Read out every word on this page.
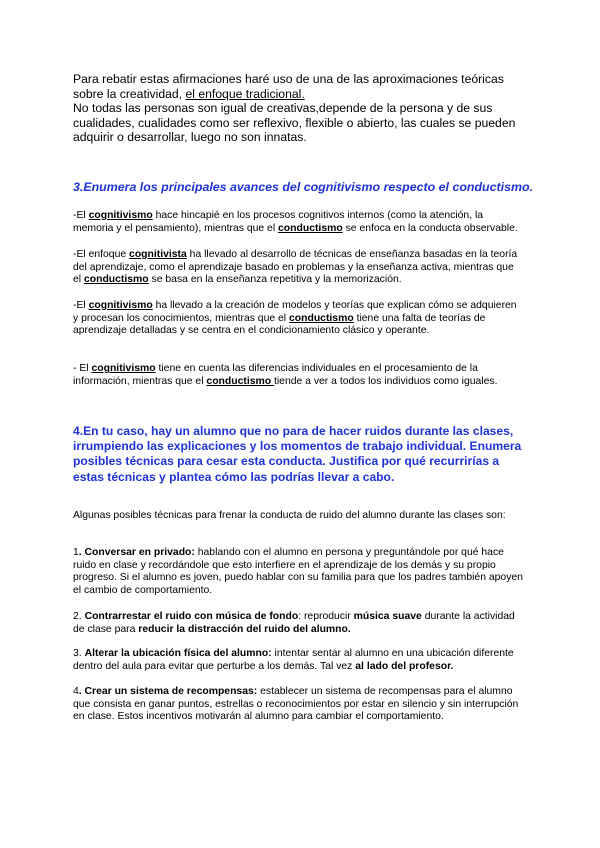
Para rebatir estas afirmaciones haré uso de una de las aproximaciones teóricas sobre la creatividad, el enfoque tradicional.

No todas las personas son igual de creativas,depende de la persona y de sus cualidades, cualidades como ser reflexivo, flexible o abierto, las cuales se pueden adquirir o desarrollar, luego no son innatas.

3.Enumera los principales avances del cognitivismo respecto el conductismo.

-El cognitivismo hace hincapié en los procesos cognitivos internos (como la atención, la memoria y el pensamiento), mientras que el conductismo se enfoca en la conducta observable.

-El enfoque cognitivista ha llevado al desarrollo de técnicas de enseñanza basadas en la teoría del aprendizaje, como el aprendizaje basado en problemas y la enseñanza activa, mientras que el conductismo se basa en la enseñanza repetitiva y la memorización.

-El cognitivismo ha llevado a la creación de modelos y teorías que explican cómo se adquieren y procesan los conocimientos, mientras que el conductismo tiene una falta de teorías de aprendizaje detalladas y se centra en el condicionamiento clásico y operante.

- El cognitivismo tiene en cuenta las diferencias individuales en el procesamiento de la información, mientras que el conductismo tiende a ver a todos los individuos como iguales.

4.En tu caso, hay un alumno que no para de hacer ruidos durante las clases, irrumpiendo las explicaciones y los momentos de trabajo individual. Enumera posibles técnicas para cesar esta conducta. Justifica por qué recurrirías a estas técnicas y plantea cómo las podrías llevar a cabo.

Algunas posibles técnicas para frenar la conducta de ruido del alumno durante las clases son:

1. Conversar en privado: hablando con el alumno en persona y preguntándole por qué hace ruido en clase y recordándole que esto interfiere en el aprendizaje de los demás y su propio progreso. Si el alumno es joven, puedo hablar con su familia para que los padres también apoyen el cambio de comportamiento.

2. Contrarrestar el ruido con música de fondo: reproducir música suave durante la actividad de clase para reducir la distracción del ruido del alumno.

3. Alterar la ubicación física del alumno: intentar sentar al alumno en una ubicación diferente dentro del aula para evitar que perturbe a los demás. Tal vez al lado del profesor.

4. Crear un sistema de recompensas: establecer un sistema de recompensas para el alumno que consista en ganar puntos, estrellas o reconocimientos por estar en silencio y sin interrupción en clase. Estos incentivos motivarán al alumno para cambiar el comportamiento.
